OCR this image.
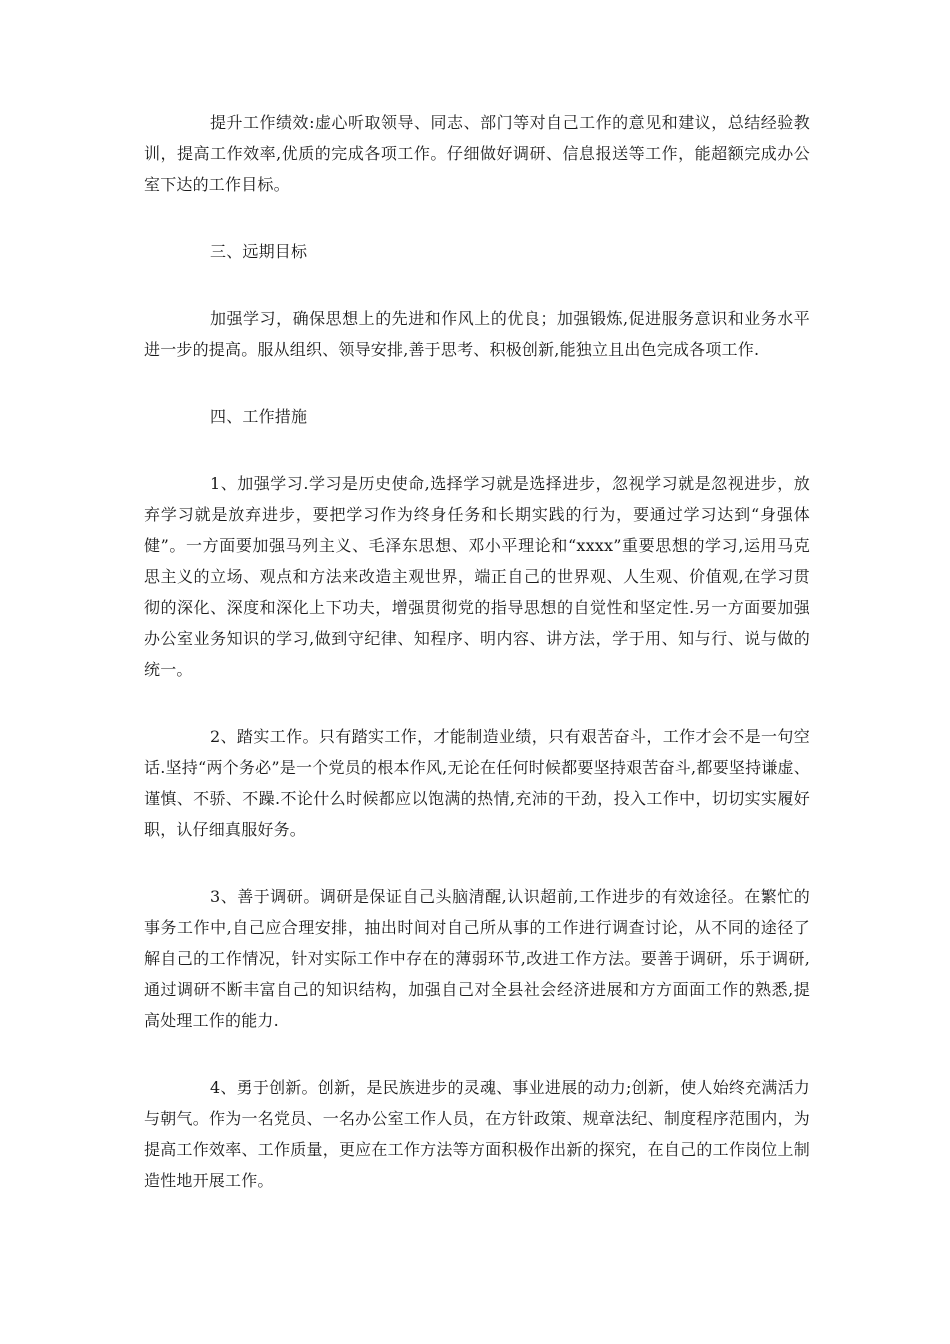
提升工作绩效:虚心听取领导、同志、部门等对自己工作的意见和建议，总结经验教训，提高工作效率,优质的完成各项工作。仔细做好调研、信息报送等工作，能超额完成办公室下达的工作目标。

三、远期目标

加强学习，确保思想上的先进和作风上的优良；加强锻炼,促进服务意识和业务水平进一步的提高。服从组织、领导安排,善于思考、积极创新,能独立且出色完成各项工作.

四、工作措施

1、加强学习.学习是历史使命,选择学习就是选择进步，忽视学习就是忽视进步，放弃学习就是放弃进步，要把学习作为终身任务和长期实践的行为，要通过学习达到“身强体健”。一方面要加强马列主义、毛泽东思想、邓小平理论和“xxxx”重要思想的学习,运用马克思主义的立场、观点和方法来改造主观世界，端正自己的世界观、人生观、价值观,在学习贯彻的深化、深度和深化上下功夫，增强贯彻党的指导思想的自觉性和坚定性.另一方面要加强办公室业务知识的学习,做到守纪律、知程序、明内容、讲方法，学于用、知与行、说与做的统一。

2、踏实工作。只有踏实工作，才能制造业绩，只有艰苦奋斗，工作才会不是一句空话.坚持“两个务必”是一个党员的根本作风,无论在任何时候都要坚持艰苦奋斗,都要坚持谦虚、谨慎、不骄、不躁.不论什么时候都应以饱满的热情,充沛的干劲，投入工作中，切切实实履好职，认仔细真服好务。

3、善于调研。调研是保证自己头脑清醒,认识超前,工作进步的有效途径。在繁忙的事务工作中,自己应合理安排，抽出时间对自己所从事的工作进行调查讨论，从不同的途径了解自己的工作情况，针对实际工作中存在的薄弱环节,改进工作方法。要善于调研，乐于调研,通过调研不断丰富自己的知识结构，加强自己对全县社会经济进展和方方面面工作的熟悉,提高处理工作的能力.

4、勇于创新。创新，是民族进步的灵魂、事业进展的动力;创新，使人始终充满活力与朝气。作为一名党员、一名办公室工作人员，在方针政策、规章法纪、制度程序范围内，为提高工作效率、工作质量，更应在工作方法等方面积极作出新的探究，在自己的工作岗位上制造性地开展工作。
